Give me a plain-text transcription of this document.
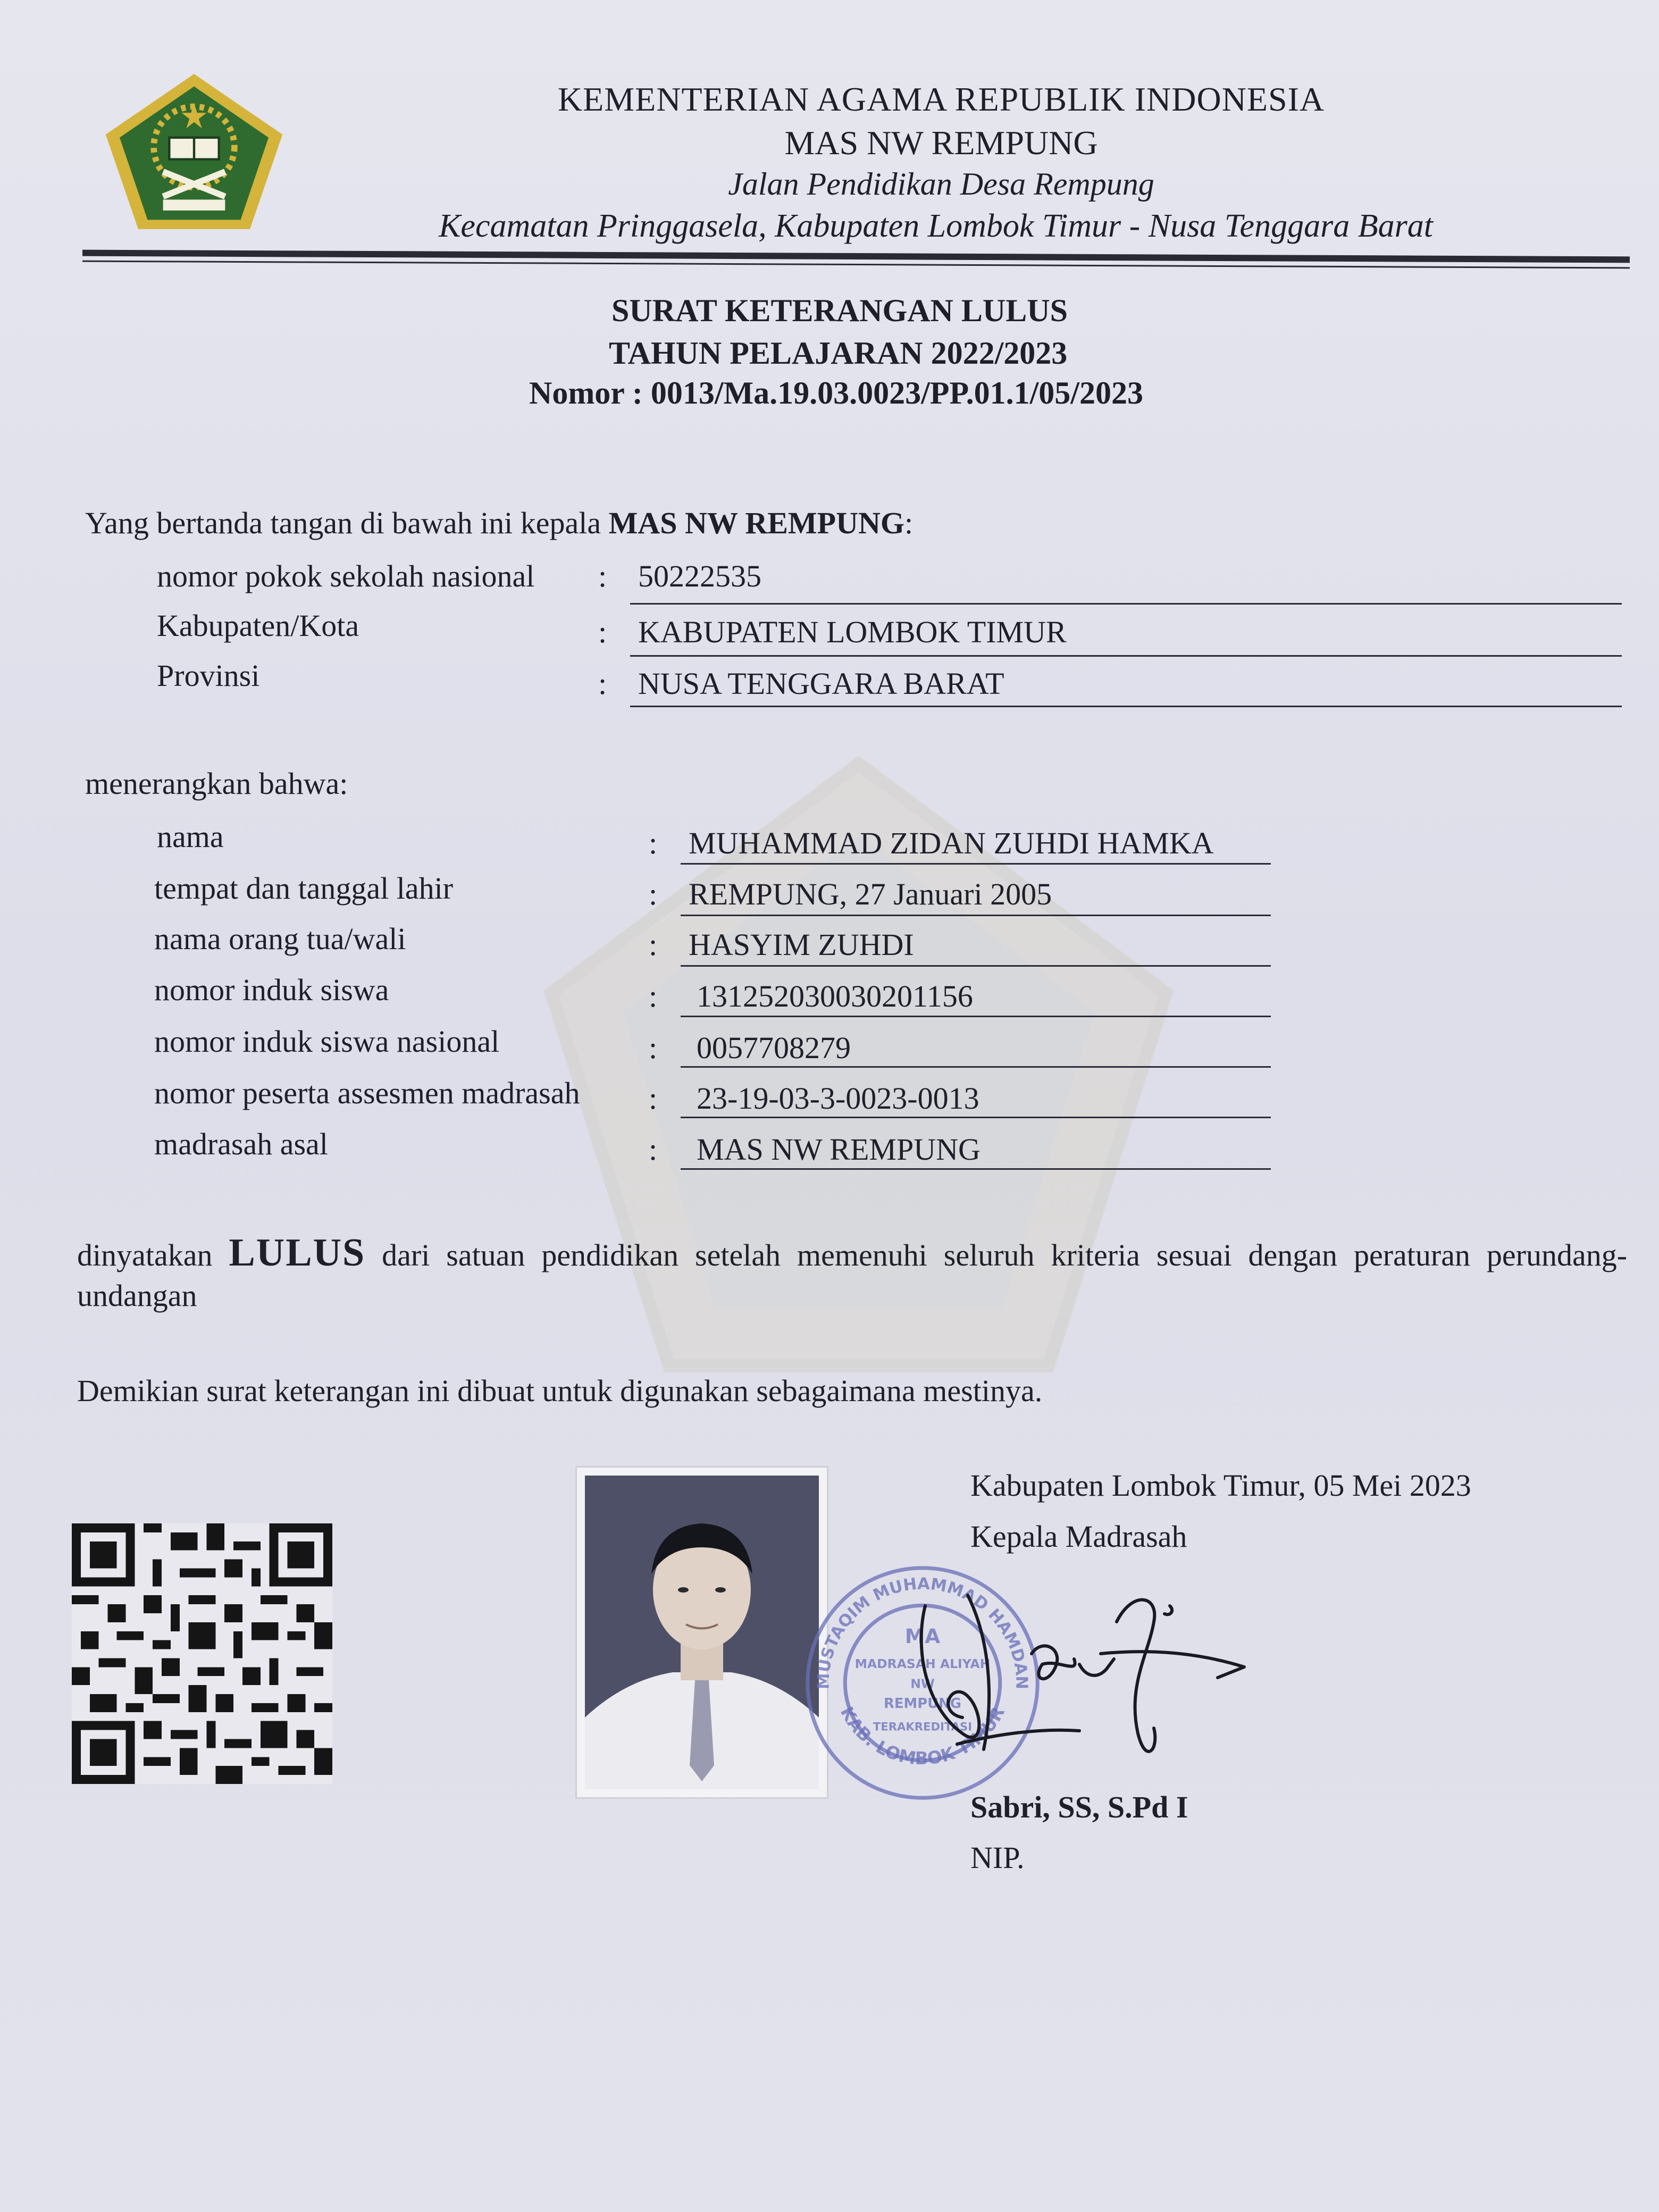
KEMENTERIAN AGAMA REPUBLIK INDONESIA
MAS NW REMPUNG
Jalan Pendidikan Desa Rempung
Kecamatan Pringgasela, Kabupaten Lombok Timur - Nusa Tenggara Barat
SURAT KETERANGAN LULUS
TAHUN PELAJARAN 2022/2023
Nomor : 0013/Ma.19.03.0023/PP.01.1/05/2023
Yang bertanda tangan di bawah ini kepala MAS NW REMPUNG:
nomor pokok sekolah nasional : 50222535
Kabupaten/Kota	: KABUPATEN LOMBOK TIMUR
Provinsi	: NUSA TENGGARA BARAT
menerangkan bahwa:
nama	: MUHAMMAD ZIDAN ZUHDI HAMKA
tempat dan tanggal lahir	: REMPUNG, 27 Januari 2005
nama orang tua/wali	: HASYIM ZUHDI
nomor induk siswa	: 131252030030201156
nomor induk siswa nasional	: 0057708279
nomor peserta assesmen madrasah : 23-19-03-3-0023-0013
madrasah asal	: MAS NW REMPUNG
dinyatakan LULUS dari satuan pendidikan setelah memenuhi seluruh kriteria sesuai dengan peraturan perundang-undangan
Demikian surat keterangan ini dibuat untuk digunakan sebagaimana mestinya.
MUSTAQIM MUHAMMAD HAMDAN
KAB. LOMBOK TIMUR
MA
MADRASAH ALIYAH
NW
REMPUNG
TERAKREDITASI
Kabupaten Lombok Timur, 05 Mei 2023
Kepala Madrasah
Sabri, SS, S.Pd I
NIP.
